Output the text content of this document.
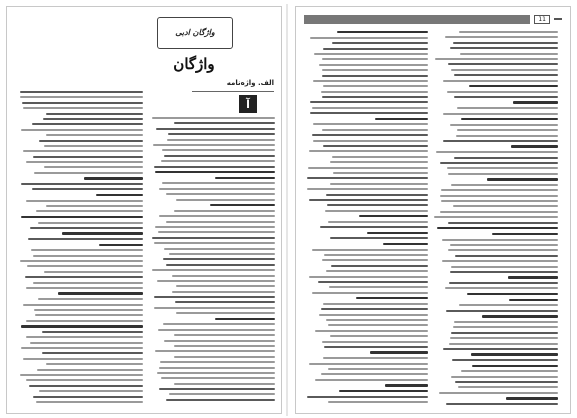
واژگان ادبی
واژگان
الف. واژه‌نامه
آ
11
